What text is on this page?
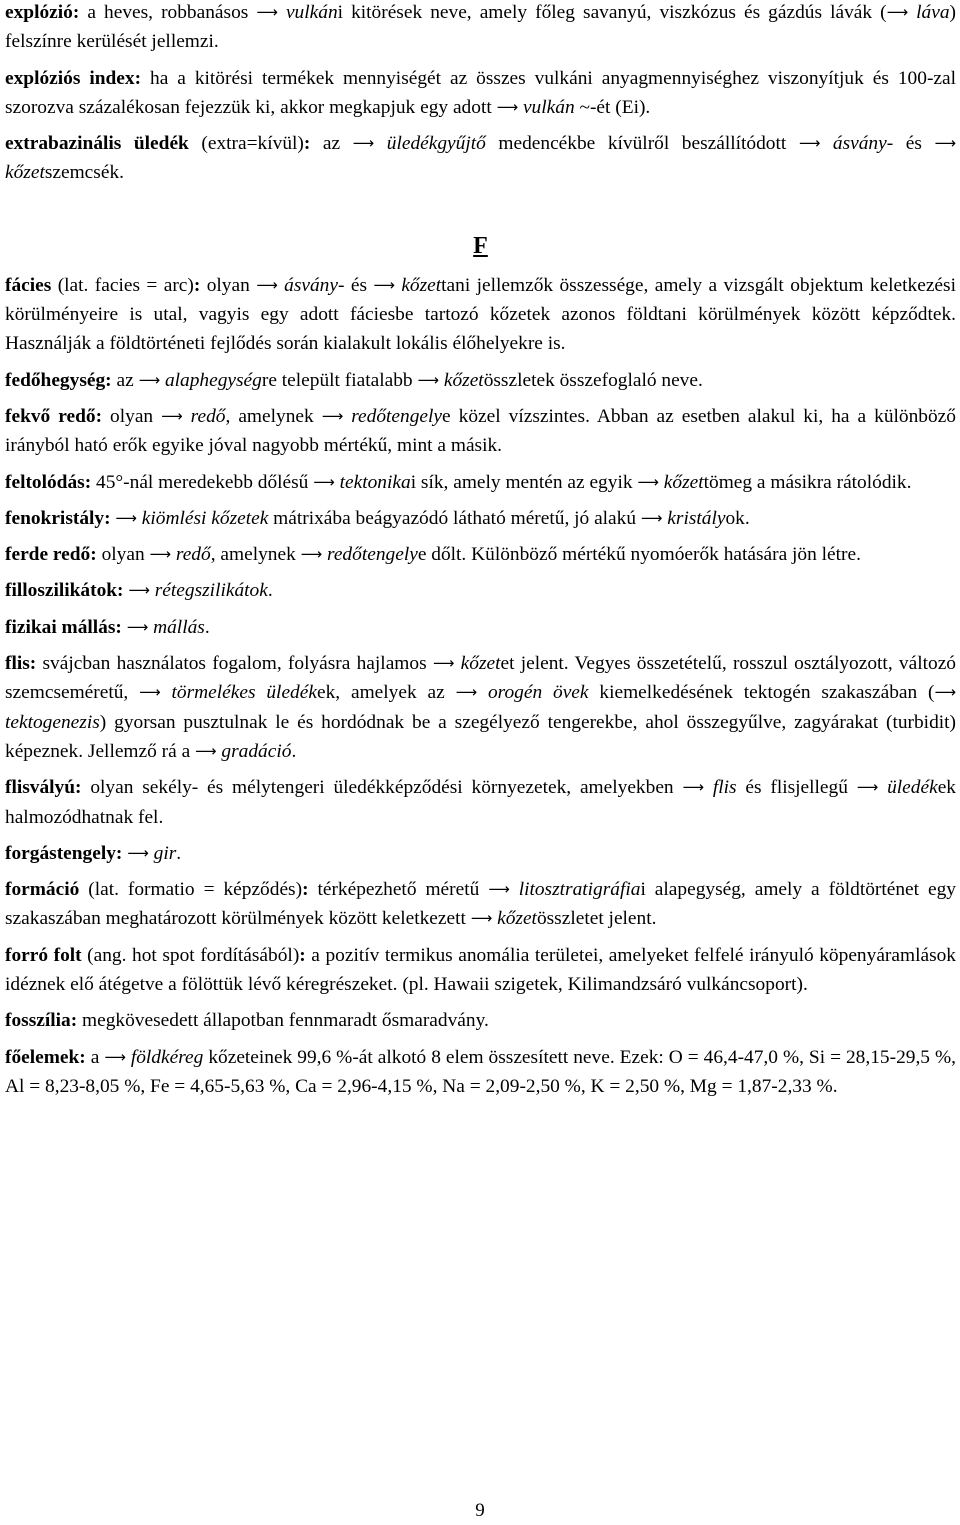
explózió: a heves, robbanásos ⟶ vulkáni kitörések neve, amely főleg savanyú, viszkózus és gázdús lávák (⟶ láva) felszínre kerülését jellemzi.

explóziós index: ha a kitörési termékek mennyiségét az összes vulkáni anyagmennyiséghez viszonyítjuk és 100-zal szorozva százalékosan fejezzük ki, akkor megkapjuk egy adott ⟶ vulkán ~-ét (Ei).

extrabazinális üledék (extra=kívül): az ⟶ üledékgyűjtő medencékbe kívülről beszállítódott ⟶ ásvány- és ⟶ kőzetszemcsék.

F

fácies (lat. facies = arc): olyan ⟶ ásvány- és ⟶ kőzettani jellemzők összessége, amely a vizsgált objektum keletkezési körülményeire is utal, vagyis egy adott fáciesbe tartozó kőzetek azonos földtani körülmények között képződtek. Használják a földtörténeti fejlődés során kialakult lokális élőhelyekre is.

fedőhegység: az ⟶ alaphegységre települt fiatalabb ⟶ kőzetösszletek összefoglaló neve.

fekvő redő: olyan ⟶ redő, amelynek ⟶ redőtengelye közel vízszintes. Abban az esetben alakul ki, ha a különböző irányból ható erők egyike jóval nagyobb mértékű, mint a másik.

feltolódás: 45°-nál meredekebb dőlésű ⟶ tektonikai sík, amely mentén az egyik ⟶ kőzettömeg a másikra rátolódik.

fenokristály: ⟶ kiömlési kőzetek mátrixába beágyazódó látható méretű, jó alakú ⟶ kristályok.

ferde redő: olyan ⟶ redő, amelynek ⟶ redőtengelye dőlt. Különböző mértékű nyomóerők hatására jön létre.

filloszilikátok: ⟶ rétegszilikátok.

fizikai mállás: ⟶ mállás.

flis: svájcban használatos fogalom, folyásra hajlamos ⟶ kőzetet jelent. Vegyes összetételű, rosszul osztályozott, változó szemcseméretű, ⟶ törmelékes üledékek, amelyek az ⟶ orogén övek kiemelkedésének tektogén szakaszában (⟶ tektogenezis) gyorsan pusztulnak le és hordódnak be a szegélyező tengerekbe, ahol összegyűlve, zagyárakat (turbidit) képeznek. Jellemző rá a ⟶ gradáció.

flisvályú: olyan sekély- és mélytengeri üledékképződési környezetek, amelyekben ⟶ flis és flisjellegű ⟶ üledékek halmozódhatnak fel.

forgástengely: ⟶ gir.

formáció (lat. formatio = képződés): térképezhető méretű ⟶ litosztratigráfiai alapegység, amely a földtörténet egy szakaszában meghatározott körülmények között keletkezett ⟶ kőzetösszletet jelent.

forró folt (ang. hot spot fordításából): a pozitív termikus anomália területei, amelyeket felfelé irányuló köpenyáramlások idéznek elő átégetve a fölöttük lévő kéregrészeket. (pl. Hawaii szigetek, Kilimandzsáró vulkáncsoport).

fosszília: megkövesedett állapotban fennmaradt ősmaradvány.

főelemek: a ⟶ földkéreg kőzeteinek 99,6 %-át alkotó 8 elem összesített neve. Ezek: O = 46,4-47,0 %, Si = 28,15-29,5 %, Al = 8,23-8,05 %, Fe = 4,65-5,63 %, Ca = 2,96-4,15 %, Na = 2,09-2,50 %, K = 2,50 %, Mg = 1,87-2,33 %.

9
